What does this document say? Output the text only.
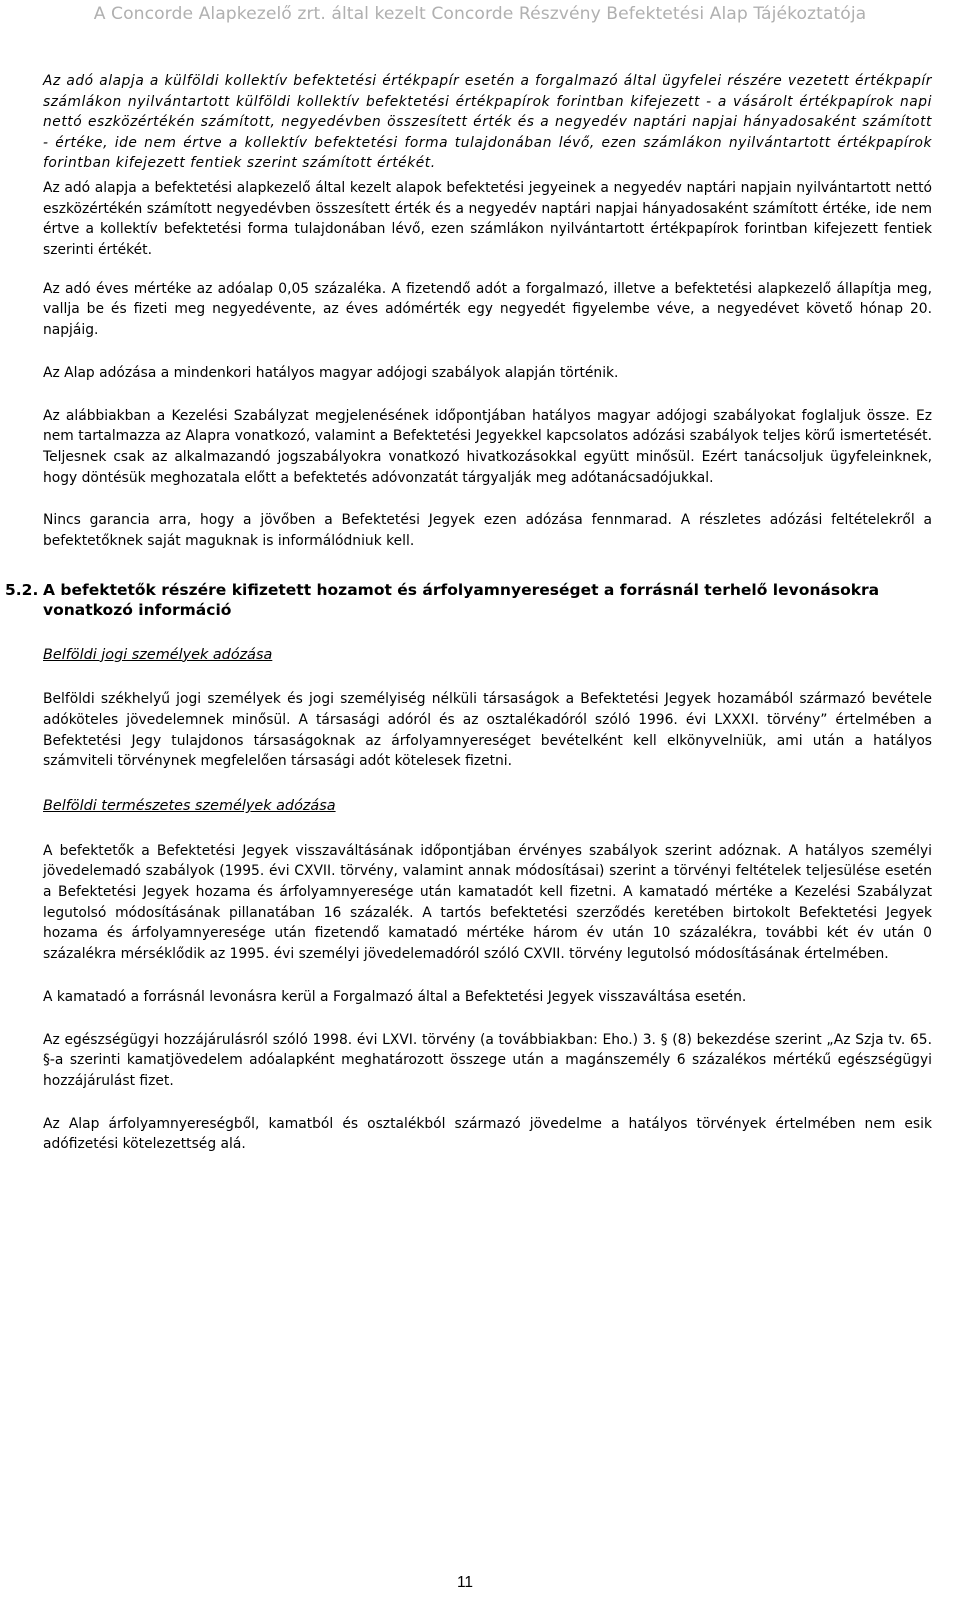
A Concorde Alapkezelő zrt. által kezelt Concorde Részvény Befektetési Alap Tájékoztatója

Az adó alapja a külföldi kollektív befektetési értékpapír esetén a forgalmazó által ügyfelei részére vezetett értékpapír számlákon nyilvántartott külföldi kollektív befektetési értékpapírok forintban kifejezett - a vásárolt értékpapírok napi nettó eszközértékén számított, negyedévben összesített érték és a negyedév naptári napjai hányadosaként számított - értéke, ide nem értve a kollektív befektetési forma tulajdonában lévő, ezen számlákon nyilvántartott értékpapírok forintban kifejezett fentiek szerint számított értékét.

Az adó alapja a befektetési alapkezelő által kezelt alapok befektetési jegyeinek a negyedév naptári napjain nyilvántartott nettó eszközértékén számított negyedévben összesített érték és a negyedév naptári napjai hányadosaként számított értéke, ide nem értve a kollektív befektetési forma tulajdonában lévő, ezen számlákon nyilvántartott értékpapírok forintban kifejezett fentiek szerinti értékét.

Az adó éves mértéke az adóalap 0,05 százaléka. A fizetendő adót a forgalmazó, illetve a befektetési alapkezelő állapítja meg, vallja be és fizeti meg negyedévente, az éves adómérték egy negyedét figyelembe véve, a negyedévet követő hónap 20. napjáig.

Az Alap adózása a mindenkori hatályos magyar adójogi szabályok alapján történik.

Az alábbiakban a Kezelési Szabályzat megjelenésének időpontjában hatályos magyar adójogi szabályokat foglaljuk össze. Ez nem tartalmazza az Alapra vonatkozó, valamint a Befektetési Jegyekkel kapcsolatos adózási szabályok teljes körű ismertetését. Teljesnek csak az alkalmazandó jogszabályokra vonatkozó hivatkozásokkal együtt minősül. Ezért tanácsoljuk ügyfeleinknek, hogy döntésük meghozatala előtt a befektetés adóvonzatát tárgyalják meg adótanácsadójukkal.

Nincs garancia arra, hogy a jövőben a Befektetési Jegyek ezen adózása fennmarad. A részletes adózási feltételekről a befektetőknek saját maguknak is informálódniuk kell.

5.2. A befektetők részére kifizetett hozamot és árfolyamnyereséget a forrásnál terhelő levonásokra vonatkozó információ
Belföldi jogi személyek adózása

Belföldi székhelyű jogi személyek és jogi személyiség nélküli társaságok a Befektetési Jegyek hozamából származó bevétele adóköteles jövedelemnek minősül. A társasági adóról és az osztalékadóról szóló 1996. évi LXXXI. törvény” értelmében a Befektetési Jegy tulajdonos társaságoknak az árfolyamnyereséget bevételként kell elkönyvelniük, ami után a hatályos számviteli törvénynek megfelelően társasági adót kötelesek fizetni.

Belföldi természetes személyek adózása

A befektetők a Befektetési Jegyek visszaváltásának időpontjában érvényes szabályok szerint adóznak. A hatályos személyi jövedelemadó szabályok (1995. évi CXVII. törvény, valamint annak módosításai) szerint a törvényi feltételek teljesülése esetén a Befektetési Jegyek hozama és árfolyamnyeresége után kamatadót kell fizetni. A kamatadó mértéke a Kezelési Szabályzat legutolsó módosításának pillanatában 16 százalék. A tartós befektetési szerződés keretében birtokolt Befektetési Jegyek hozama és árfolyamnyeresége után fizetendő kamatadó mértéke három év után 10 százalékra, további két év után 0 százalékra mérséklődik az 1995. évi személyi jövedelemadóról szóló CXVII. törvény legutolsó módosításának értelmében.

A kamatadó a forrásnál levonásra kerül a Forgalmazó által a Befektetési Jegyek visszaváltása esetén.

Az egészségügyi hozzájárulásról szóló 1998. évi LXVI. törvény (a továbbiakban: Eho.) 3. § (8) bekezdése szerint „Az Szja tv. 65. §-a szerinti kamatjövedelem adóalapként meghatározott összege után a magánszemély 6 százalékos mértékű egészségügyi hozzájárulást fizet.

Az Alap árfolyamnyereségből, kamatból és osztalékból származó jövedelme a hatályos törvények értelmében nem esik adófizetési kötelezettség alá.

11
